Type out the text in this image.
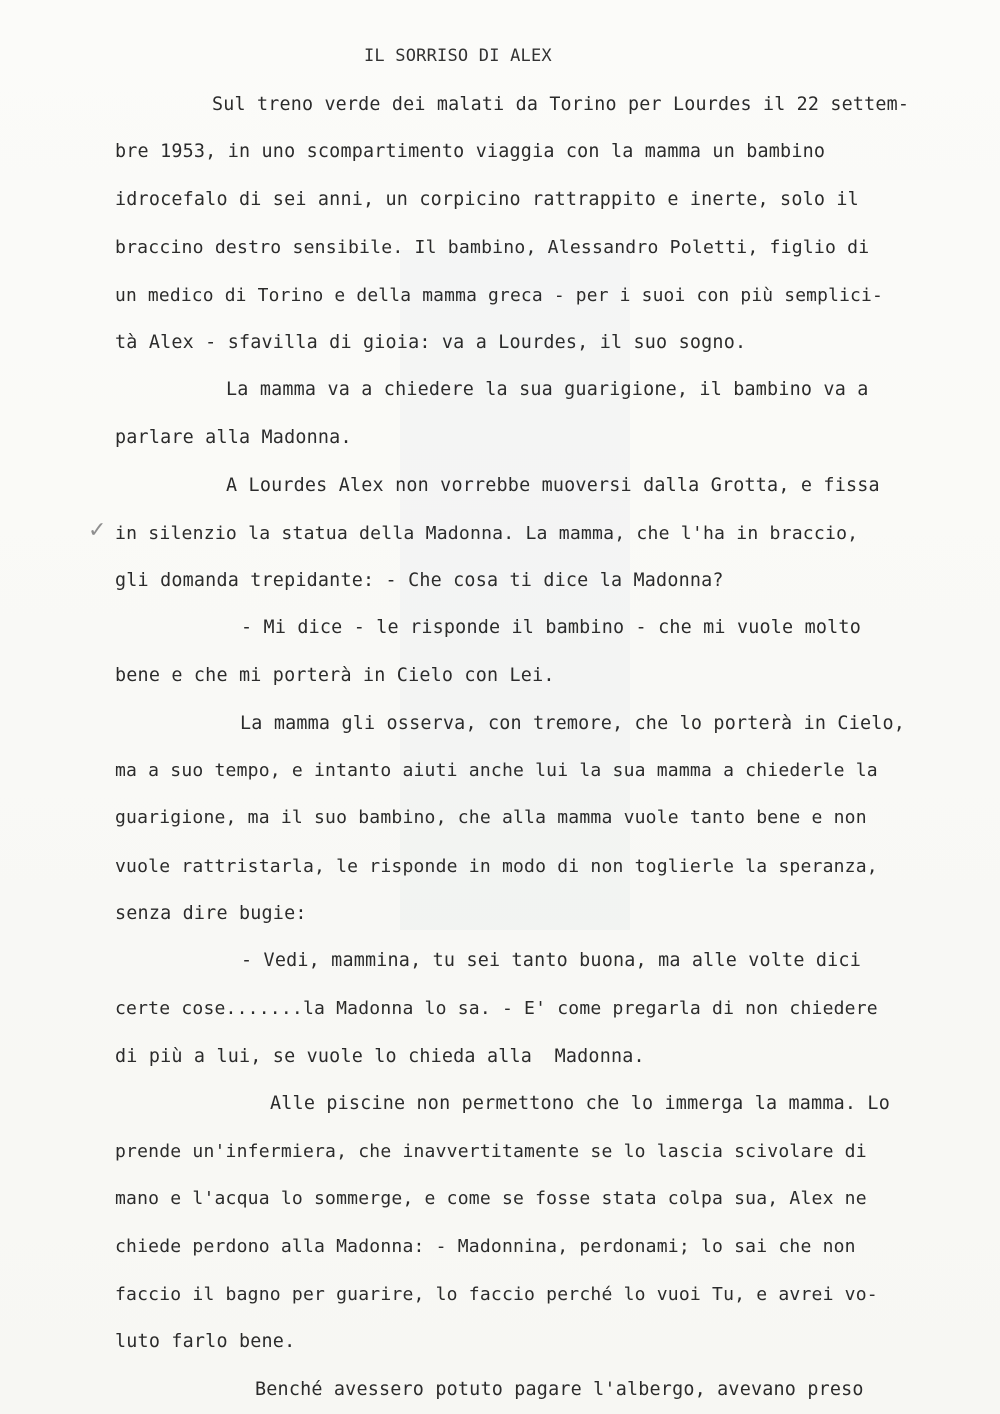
IL SORRISO DI ALEX
✓
Sul treno verde dei malati da Torino per Lourdes il 22 settem-
bre 1953, in uno scompartimento viaggia con la mamma un bambino
idrocefalo di sei anni, un corpicino rattrappito e inerte, solo il
braccino destro sensibile. Il bambino, Alessandro Poletti, figlio di
un medico di Torino e della mamma greca - per i suoi con più semplici-
tà Alex - sfavilla di gioia: va a Lourdes, il suo sogno.
La mamma va a chiedere la sua guarigione, il bambino va a
parlare alla Madonna.
A Lourdes Alex non vorrebbe muoversi dalla Grotta, e fissa
in silenzio la statua della Madonna. La mamma, che l'ha in braccio,
gli domanda trepidante: - Che cosa ti dice la Madonna?
- Mi dice - le risponde il bambino - che mi vuole molto
bene e che mi porterà in Cielo con Lei.
La mamma gli osserva, con tremore, che lo porterà in Cielo,
ma a suo tempo, e intanto aiuti anche lui la sua mamma a chiederle la
guarigione, ma il suo bambino, che alla mamma vuole tanto bene e non
vuole rattristarla, le risponde in modo di non toglierle la speranza,
senza dire bugie:
- Vedi, mammina, tu sei tanto buona, ma alle volte dici
certe cose.......la Madonna lo sa. - E' come pregarla di non chiedere
di più a lui, se vuole lo chieda alla  Madonna.
Alle piscine non permettono che lo immerga la mamma. Lo
prende un'infermiera, che inavvertitamente se lo lascia scivolare di
mano e l'acqua lo sommerge, e come se fosse stata colpa sua, Alex ne
chiede perdono alla Madonna: - Madonnina, perdonami; lo sai che non
faccio il bagno per guarire, lo faccio perché lo vuoi Tu, e avrei vo-
luto farlo bene.
Benché avessero potuto pagare l'albergo, avevano preso
